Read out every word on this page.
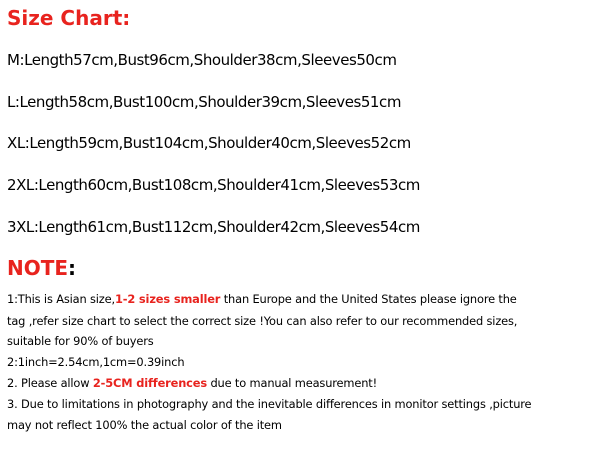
Size Chart:
M:Length57cm,Bust96cm,Shoulder38cm,Sleeves50cm
L:Length58cm,Bust100cm,Shoulder39cm,Sleeves51cm
XL:Length59cm,Bust104cm,Shoulder40cm,Sleeves52cm
2XL:Length60cm,Bust108cm,Shoulder41cm,Sleeves53cm
3XL:Length61cm,Bust112cm,Shoulder42cm,Sleeves54cm
NOTE:
1:This is Asian size,1-2 sizes smaller than Europe and the United States please ignore the
tag ,refer size chart to select the correct size !You can also refer to our recommended sizes,
suitable for 90% of buyers
2:1inch=2.54cm,1cm=0.39inch
2. Please allow 2-5CM differences due to manual measurement!
3. Due to limitations in photography and the inevitable differences in monitor settings ,picture
may not reflect 100% the actual color of the item
